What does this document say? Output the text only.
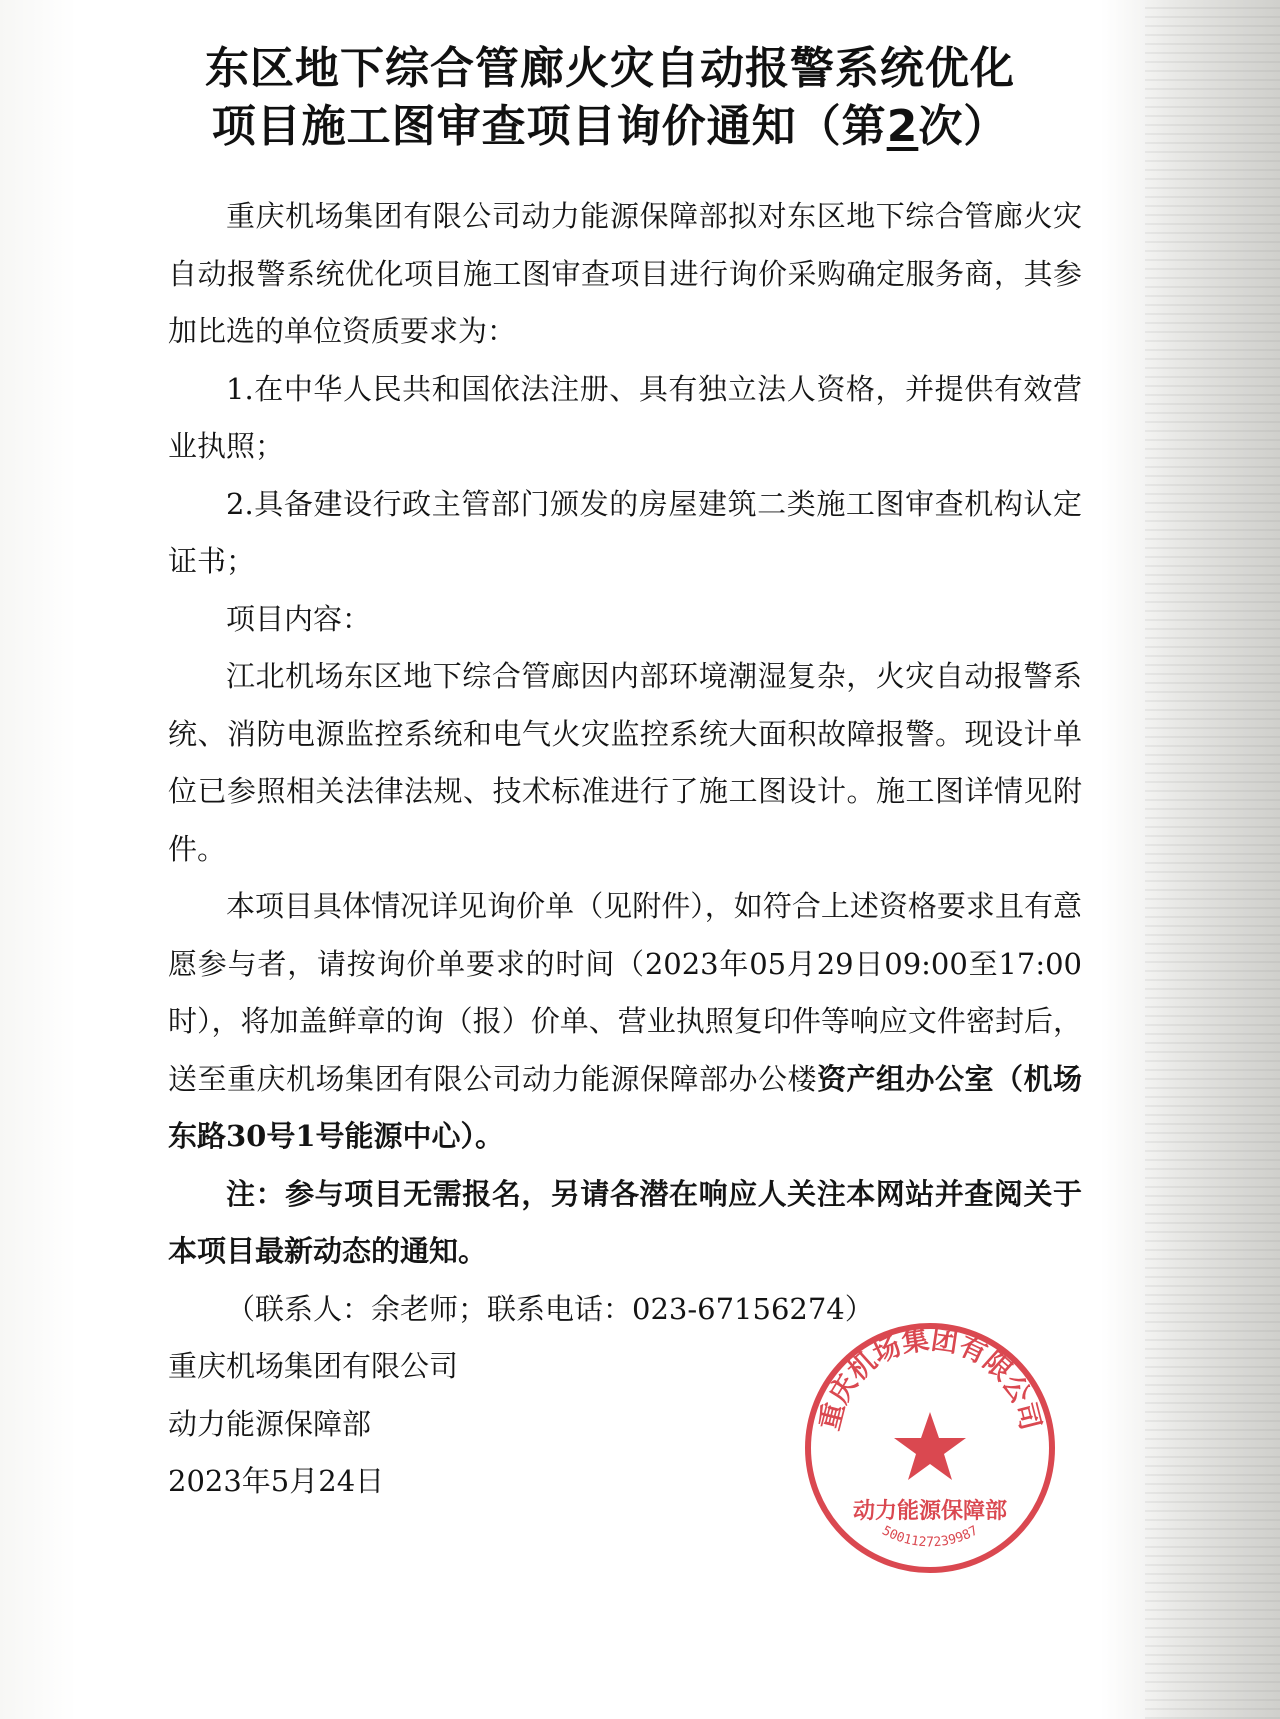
东区地下综合管廊火灾自动报警系统优化
项目施工图审查项目询价通知（第2次）

重庆机场集团有限公司动力能源保障部拟对东区地下综合管廊火灾自动报警系统优化项目施工图审查项目进行询价采购确定服务商，其参加比选的单位资质要求为：

1.在中华人民共和国依法注册、具有独立法人资格，并提供有效营业执照；

2.具备建设行政主管部门颁发的房屋建筑二类施工图审查机构认定证书；

项目内容：

江北机场东区地下综合管廊因内部环境潮湿复杂，火灾自动报警系统、消防电源监控系统和电气火灾监控系统大面积故障报警。现设计单位已参照相关法律法规、技术标准进行了施工图设计。施工图详情见附件。

本项目具体情况详见询价单（见附件），如符合上述资格要求且有意愿参与者，请按询价单要求的时间（2023年05月29日09:00至17:00时），将加盖鲜章的询（报）价单、营业执照复印件等响应文件密封后，送至重庆机场集团有限公司动力能源保障部办公楼资产组办公室（机场东路30号1号能源中心）。

注：参与项目无需报名，另请各潜在响应人关注本网站并查阅关于本项目最新动态的通知。

（联系人：余老师；联系电话：023-67156274）

重庆机场集团有限公司

动力能源保障部

2023年5月24日

重庆机场集团有限公司
动力能源保障部
5001127239987
